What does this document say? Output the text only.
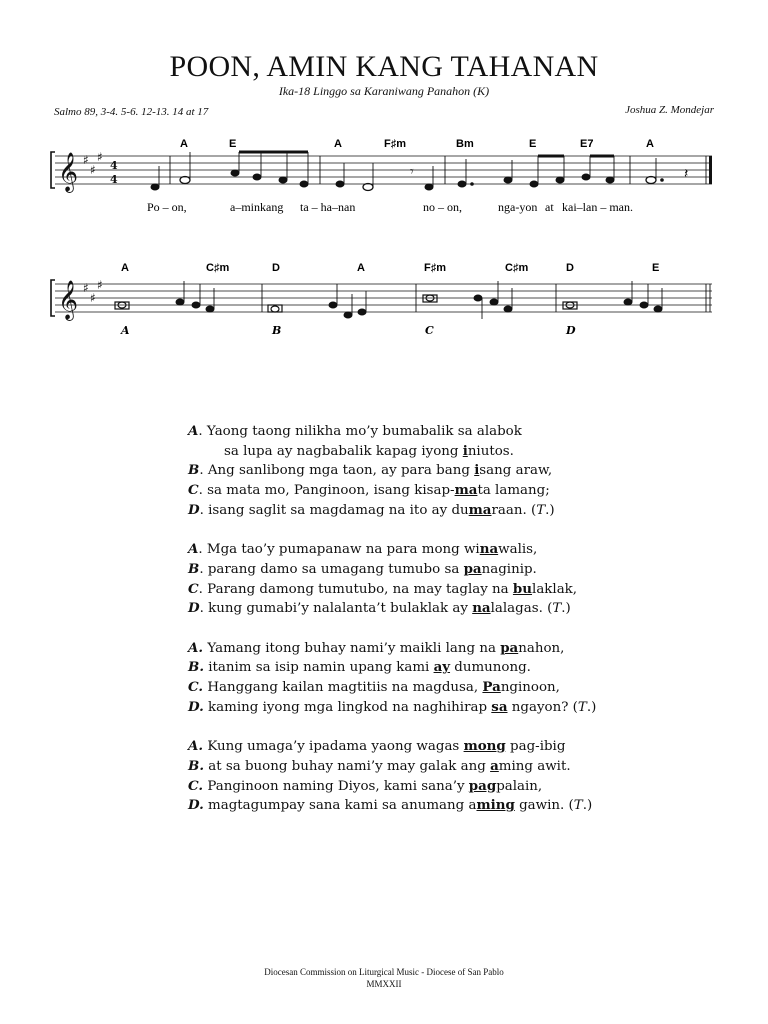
POON, AMIN KANG TAHANAN
Ika-18 Linggo sa Karaniwang Panahon (K)
Salmo 89, 3-4. 5-6. 12-13. 14 at 17	Joshua Z. Mondejar
𝄞 ♯
♯
♯
4
4	𝄾	𝄽
A	E	A	F♯m	Bm	E	E7	A
Po – on,	a–minkang ta – ha–nan	no – on,	nga-yon at kai–lan – man.
𝄞 ♯
♯
♯
A	C♯m	D	A	F♯m	C♯m	D	E
A	B	C	D
A. Yaong taong nilikha mo’y bumabalik sa alabok
sa lupa ay nagbabalik kapag iyong iniutos.
B. Ang sanlibong mga taon, ay para bang isang araw,
C. sa mata mo, Panginoon, isang kisap-mata lamang;
D. isang saglit sa magdamag na ito ay dumaraan. (T.)
A. Mga tao’y pumapanaw na para mong winawalis,
B. parang damo sa umagang tumubo sa panaginip.
C. Parang damong tumutubo, na may taglay na bulaklak,
D. kung gumabi’y nalalanta’t bulaklak ay nalalagas. (T.)
A. Yamang itong buhay nami’y maikli lang na panahon,
B. itanim sa isip namin upang kami ay dumunong.
C. Hanggang kailan magtitiis na magdusa, Panginoon,
D. kaming iyong mga lingkod na naghihirap sa ngayon? (T.)
A. Kung umaga’y ipadama yaong wagas mong pag-ibig
B. at sa buong buhay nami’y may galak ang aming awit.
C. Panginoon naming Diyos, kami sana’y pagpalain,
D. magtagumpay sana kami sa anumang aming gawin. (T.)
Diocesan Commission on Liturgical Music - Diocese of San Pablo
MMXXII
